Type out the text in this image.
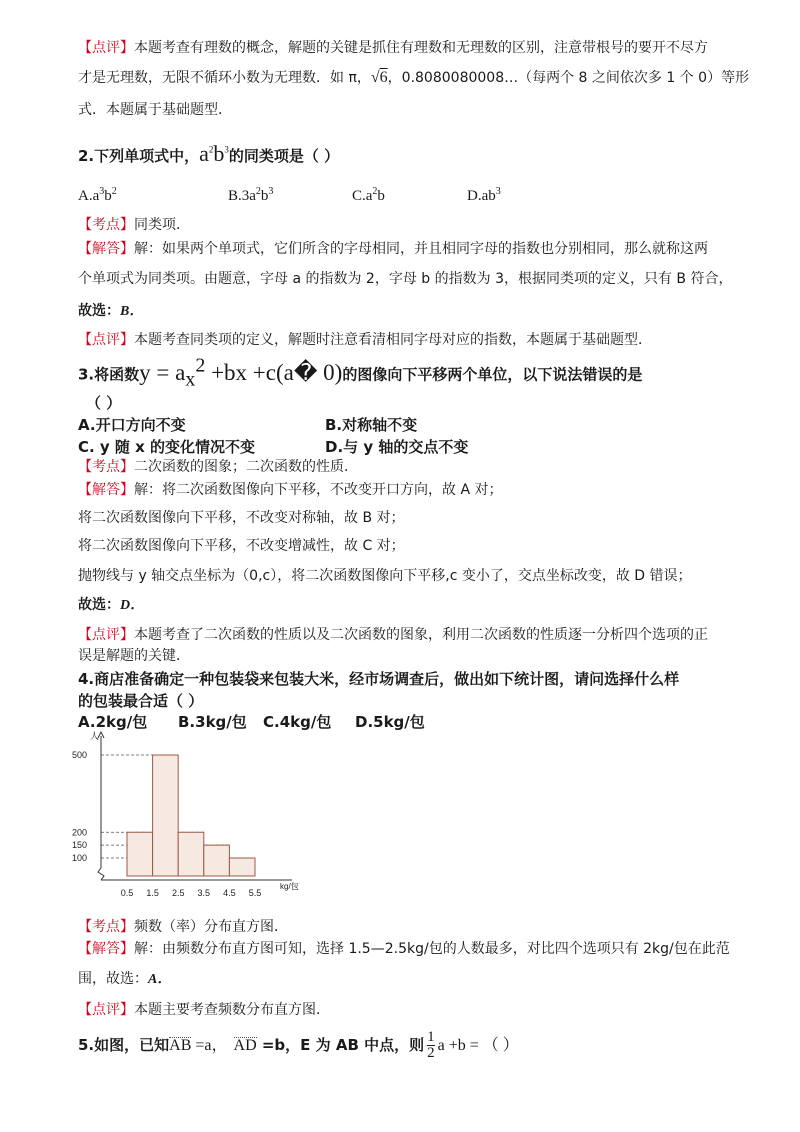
【点评】本题考查有理数的概念，解题的关键是抓住有理数和无理数的区别，注意带根号的要开不尽方
才是无理数，无限不循环小数为无理数．如 π，√6，0.8080080008…（每两个 8 之间依次多 1 个 0）等形
式．本题属于基础题型．
2.下列单项式中，$a^2b^3$的同类项是（ ）
$A.a^3b^2$	$B.3a^2b^3$	$C.a^2b$	$D.ab^3$
【考点】同类项．
【解答】解：如果两个单项式，它们所含的字母相同，并且相同字母的指数也分别相同，那么就称这两
个单项式为同类项。由题意，字母 a 的指数为 2，字母 b 的指数为 3，根据同类项的定义，只有 B 符合，
故选：B．
【点评】本题考查同类项的定义，解题时注意看清相同字母对应的指数，本题属于基础题型．
3.将函数$y = a_x^2 +bx$ +c(a� 0)的图像向下平移两个单位，以下说法错误的是
（ ）
A.开口方向不变	B.对称轴不变
C. y 随 x 的变化情况不变	D.与 y 轴的交点不变
【考点】二次函数的图象；二次函数的性质．
【解答】解：将二次函数图像向下平移，不改变开口方向，故 A 对；
将二次函数图像向下平移，不改变对称轴，故 B 对；
将二次函数图像向下平移，不改变增减性，故 C 对；
抛物线与 y 轴交点坐标为（0,c），将二次函数图像向下平移,c 变小了，交点坐标改变，故 D 错误；
故选：D．
【点评】本题考查了二次函数的性质以及二次函数的图象，利用二次函数的性质逐一分析四个选项的正
误是解题的关键．
4.商店准备确定一种包装袋来包装大米，经市场调查后，做出如下统计图，请问选择什么样
的包装最合适（ ）
A.2kg/包 B.3kg/包 C.4kg/包 D.5kg/包
500
200
150
100
0.5 1.5 2.5 3.5 4.5 5.5
人
kg/包
【考点】频数（率）分布直方图．
【解答】解：由频数分布直方图可知，选择 1.5—2.5kg/包的人数最多，对比四个选项只有 2kg/包在此范
围，故选：A．
【点评】本题主要考查频数分布直方图．
5.如图，已知AB =a， AD =b，E 为 AB 中点，则 $\frac{1}{2}$ a +b = （ ）
